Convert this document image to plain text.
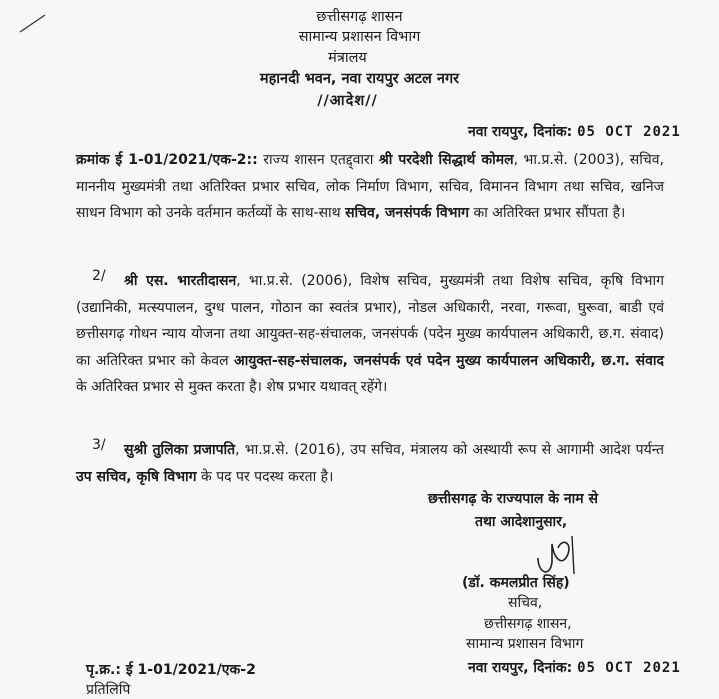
छत्तीसगढ़ शासन
सामान्य प्रशासन विभाग
मंत्रालय
महानदी भवन, नवा रायपुर अटल नगर
//आदेश//
नवा रायपुर, दिनांक: 05 OCT 2021
क्रमांक ई 1-01/2021/एक-2:: राज्य शासन एतद्द्वारा श्री परदेशी सिद्धार्थ कोमल, भा.प्र.से. (2003), सचिव, माननीय मुख्यमंत्री तथा अतिरिक्त प्रभार सचिव, लोक निर्माण विभाग, सचिव, विमानन विभाग तथा सचिव, खनिज साधन विभाग को उनके वर्तमान कर्तव्यों के साथ-साथ सचिव, जनसंपर्क विभाग का अतिरिक्त प्रभार सौंपता है।
2/	श्री एस. भारतीदासन, भा.प्र.से. (2006), विशेष सचिव, मुख्यमंत्री तथा विशेष सचिव, कृषि विभाग (उद्यानिकी, मत्स्यपालन, दुग्ध पालन, गोठान का स्वतंत्र प्रभार), नोडल अधिकारी, नरवा, गरूवा, घुरूवा, बाडी एवं छत्तीसगढ़ गोधन न्याय योजना तथा आयुक्त-सह-संचालक, जनसंपर्क (पदेन मुख्य कार्यपालन अधिकारी, छ.ग. संवाद) का अतिरिक्त प्रभार को केवल आयुक्त-सह-संचालक, जनसंपर्क एवं पदेन मुख्य कार्यपालन अधिकारी, छ.ग. संवाद के अतिरिक्त प्रभार से मुक्त करता है। शेष प्रभार यथावत् रहेंगे।
3/	सुश्री तुलिका प्रजापति, भा.प्र.से. (2016), उप सचिव, मंत्रालय को अस्थायी रूप से आगामी आदेश पर्यन्त उप सचिव, कृषि विभाग के पद पर पदस्थ करता है।
छत्तीसगढ़ के राज्यपाल के नाम से
तथा आदेशानुसार,
(डॉ. कमलप्रीत सिंह)
सचिव,
छत्तीसगढ़ शासन,
सामान्य प्रशासन विभाग
पृ.क्र.: ई 1-01/2021/एक-2	नवा रायपुर, दिनांक: 05 OCT 2021
प्रतिलिपि
